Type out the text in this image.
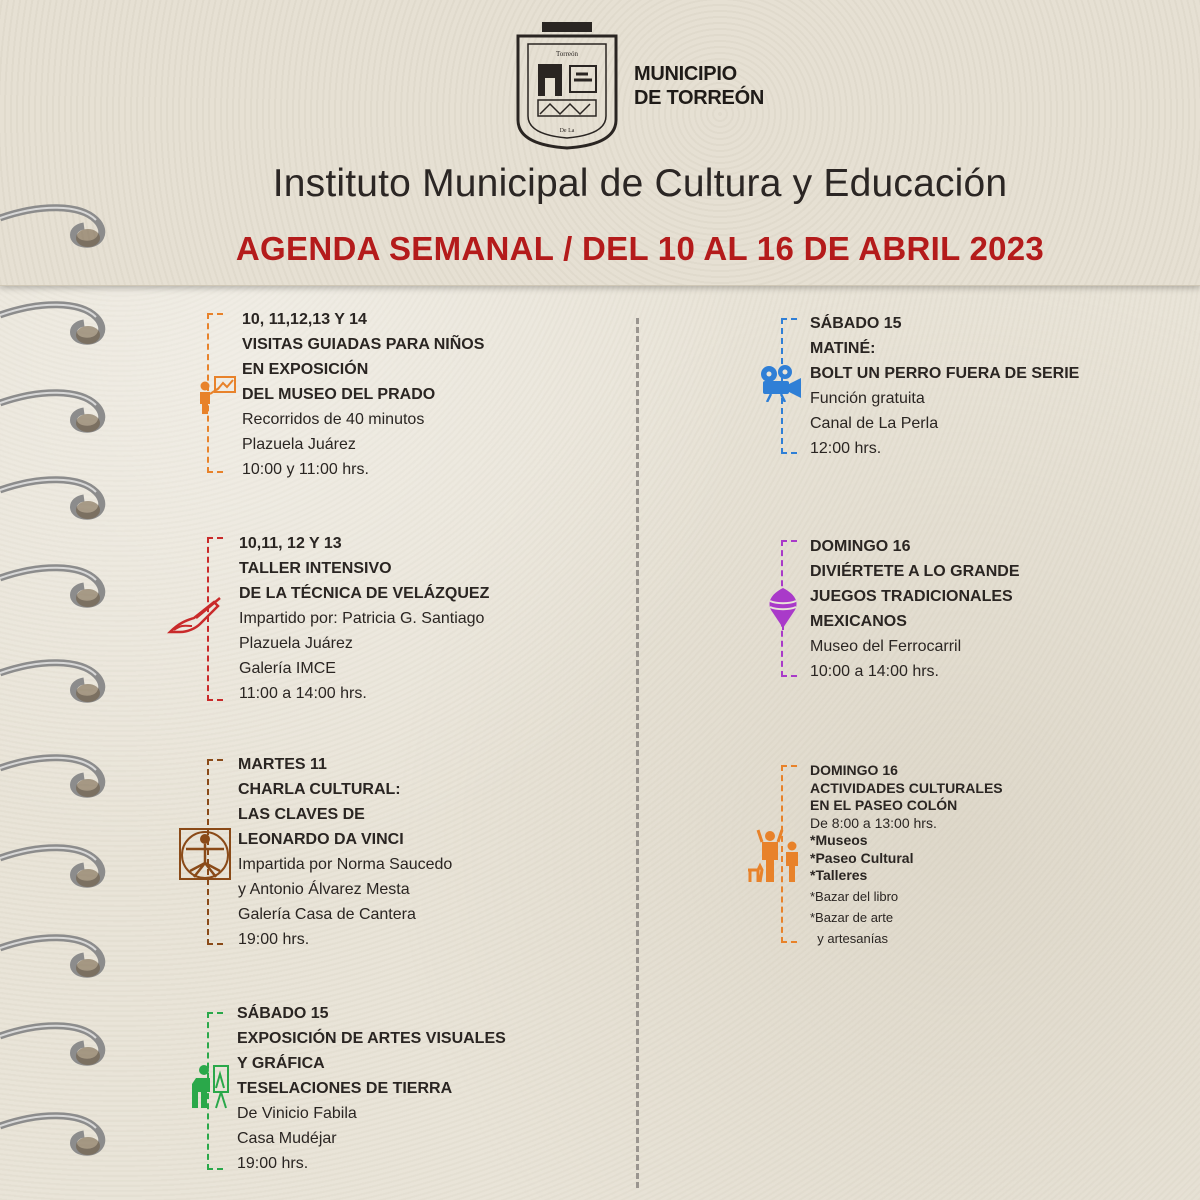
Torreón
De La
MUNICIPIO
DE TORREÓN
Instituto Municipal de Cultura y Educación
AGENDA SEMANAL / DEL 10 AL 16 DE ABRIL 2023
10, 11,12,13 Y 14
VISITAS GUIADAS PARA NIÑOS
EN EXPOSICIÓN
DEL MUSEO DEL PRADO
Recorridos de 40 minutos
Plazuela Juárez
10:00 y 11:00 hrs.
10,11, 12 Y 13
TALLER INTENSIVO
DE LA TÉCNICA DE VELÁZQUEZ
Impartido por: Patricia G. Santiago
Plazuela Juárez
Galería IMCE
11:00 a 14:00 hrs.
MARTES 11
CHARLA CULTURAL:
LAS CLAVES DE
LEONARDO DA VINCI
Impartida por Norma Saucedo
y Antonio Álvarez Mesta
Galería Casa de Cantera
19:00 hrs.
SÁBADO 15
EXPOSICIÓN DE ARTES VISUALES
Y GRÁFICA
TESELACIONES DE TIERRA
De Vinicio Fabila
Casa Mudéjar
19:00 hrs.
SÁBADO 15
MATINÉ:
BOLT UN PERRO FUERA DE SERIE
Función gratuita
Canal de La Perla
12:00 hrs.
DOMINGO 16
DIVIÉRTETE A LO GRANDE
JUEGOS TRADICIONALES
MEXICANOS
Museo del Ferrocarril
10:00 a 14:00 hrs.
DOMINGO 16
ACTIVIDADES CULTURALES
EN EL PASEO COLÓN
De 8:00 a 13:00 hrs.
*Museos
*Paseo Cultural
*Talleres
*Bazar del libro
*Bazar de arte
y artesanías
